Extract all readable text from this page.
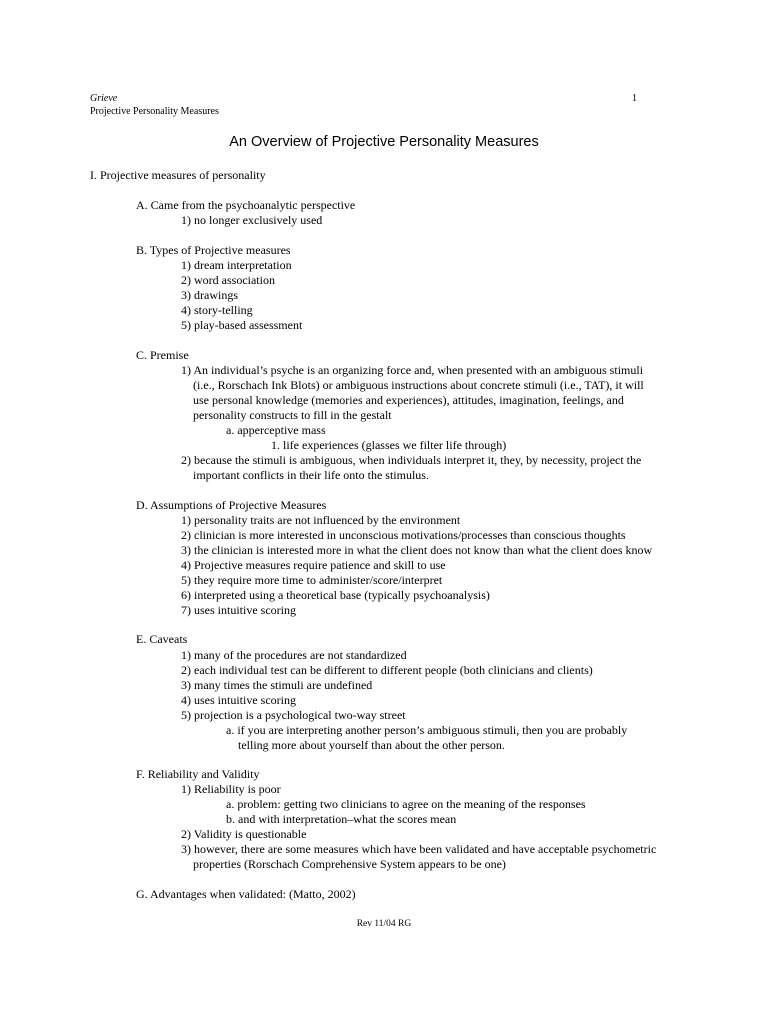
Grieve
Projective Personality Measures
1
An Overview of Projective Personality Measures
I. Projective measures of personality
A. Came from the psychoanalytic perspective
1) no longer exclusively used
B. Types of Projective measures
1) dream interpretation
2) word association
3) drawings
4) story-telling
5) play-based assessment
C. Premise
1) An individual’s psyche is an organizing force and, when presented with an ambiguous stimuli
(i.e., Rorschach Ink Blots) or ambiguous instructions about concrete stimuli (i.e., TAT), it will
use personal knowledge (memories and experiences), attitudes, imagination, feelings, and
personality constructs to fill in the gestalt
a. apperceptive mass
1. life experiences (glasses we filter life through)
2) because the stimuli is ambiguous, when individuals interpret it, they, by necessity, project the
important conflicts in their life onto the stimulus.
D. Assumptions of Projective Measures
1) personality traits are not influenced by the environment
2) clinician is more interested in unconscious motivations/processes than conscious thoughts
3) the clinician is interested more in what the client does not know than what the client does know
4) Projective measures require patience and skill to use
5) they require more time to administer/score/interpret
6) interpreted using a theoretical base (typically psychoanalysis)
7) uses intuitive scoring
E. Caveats
1) many of the procedures are not standardized
2) each individual test can be different to different people (both clinicians and clients)
3) many times the stimuli are undefined
4) uses intuitive scoring
5) projection is a psychological two-way street
a. if you are interpreting another person’s ambiguous stimuli, then you are probably
telling more about yourself than about the other person.
F. Reliability and Validity
1) Reliability is poor
a. problem: getting two clinicians to agree on the meaning of the responses
b. and with interpretation–what the scores mean
2) Validity is questionable
3) however, there are some measures which have been validated and have acceptable psychometric
properties (Rorschach Comprehensive System appears to be one)
G. Advantages when validated: (Matto, 2002)
Rev 11/04 RG
